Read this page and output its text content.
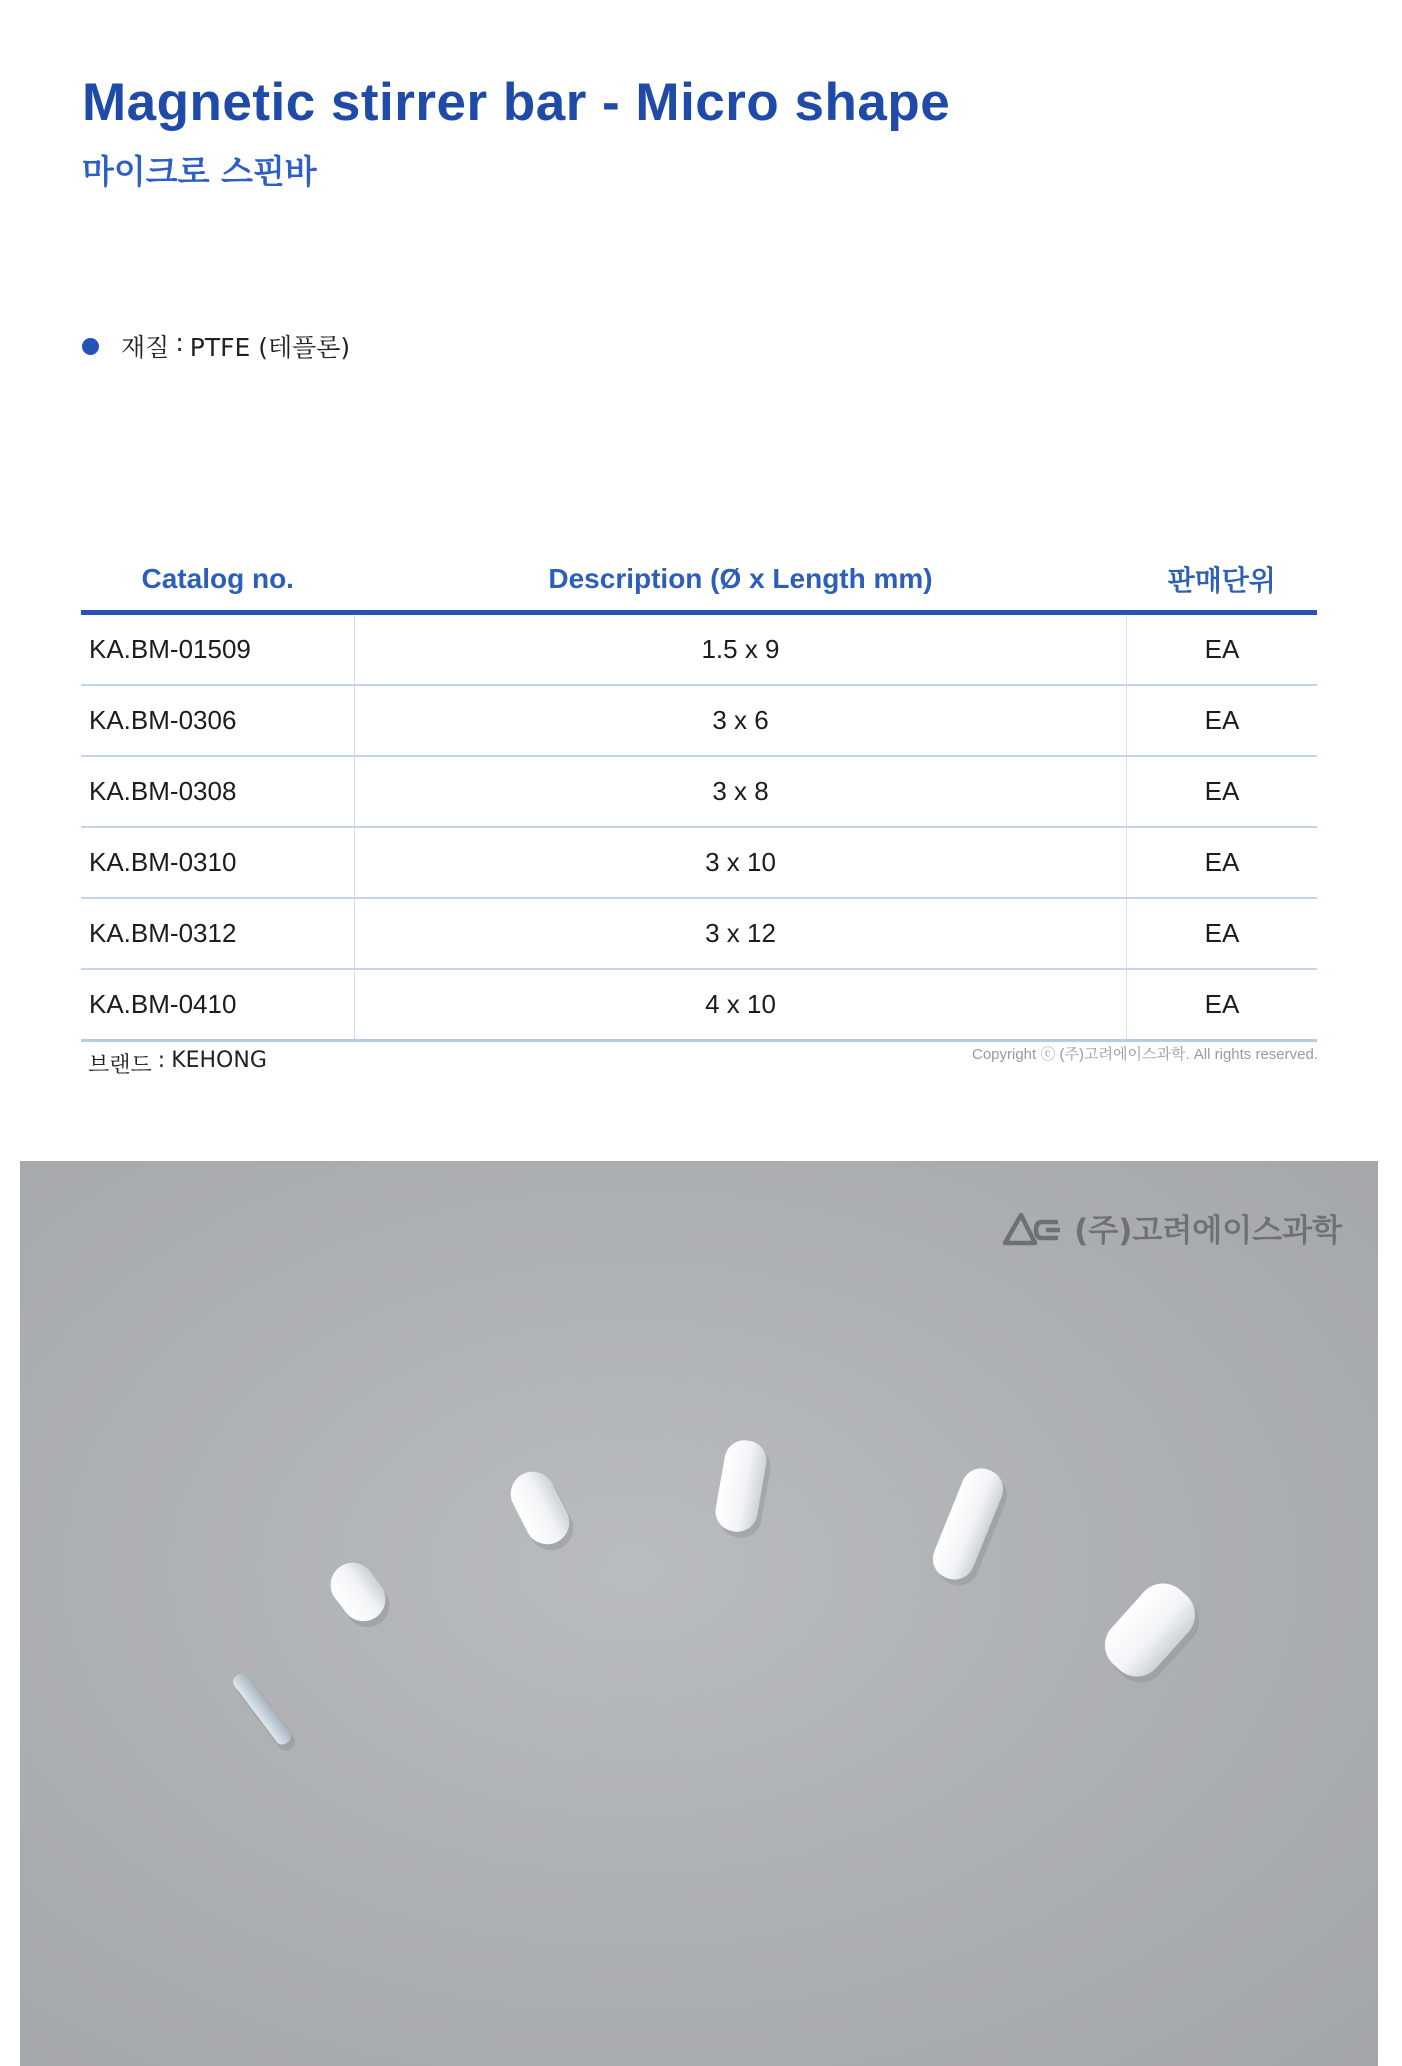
Magnetic stirrer bar - Micro shape
마이크로 스핀바
재질 : PTFE (테플론)
Catalog no.	Description (Ø x Length mm)	판매단위
KA.BM-01509	1.5 x 9	EA
KA.BM-0306	3 x 6	EA
KA.BM-0308	3 x 8	EA
KA.BM-0310	3 x 10	EA
KA.BM-0312	3 x 12	EA
KA.BM-0410	4 x 10	EA
브랜드 : KEHONG	Copyright ⓒ (주)고려에이스과학. All rights reserved.
(주)고려에이스과학
